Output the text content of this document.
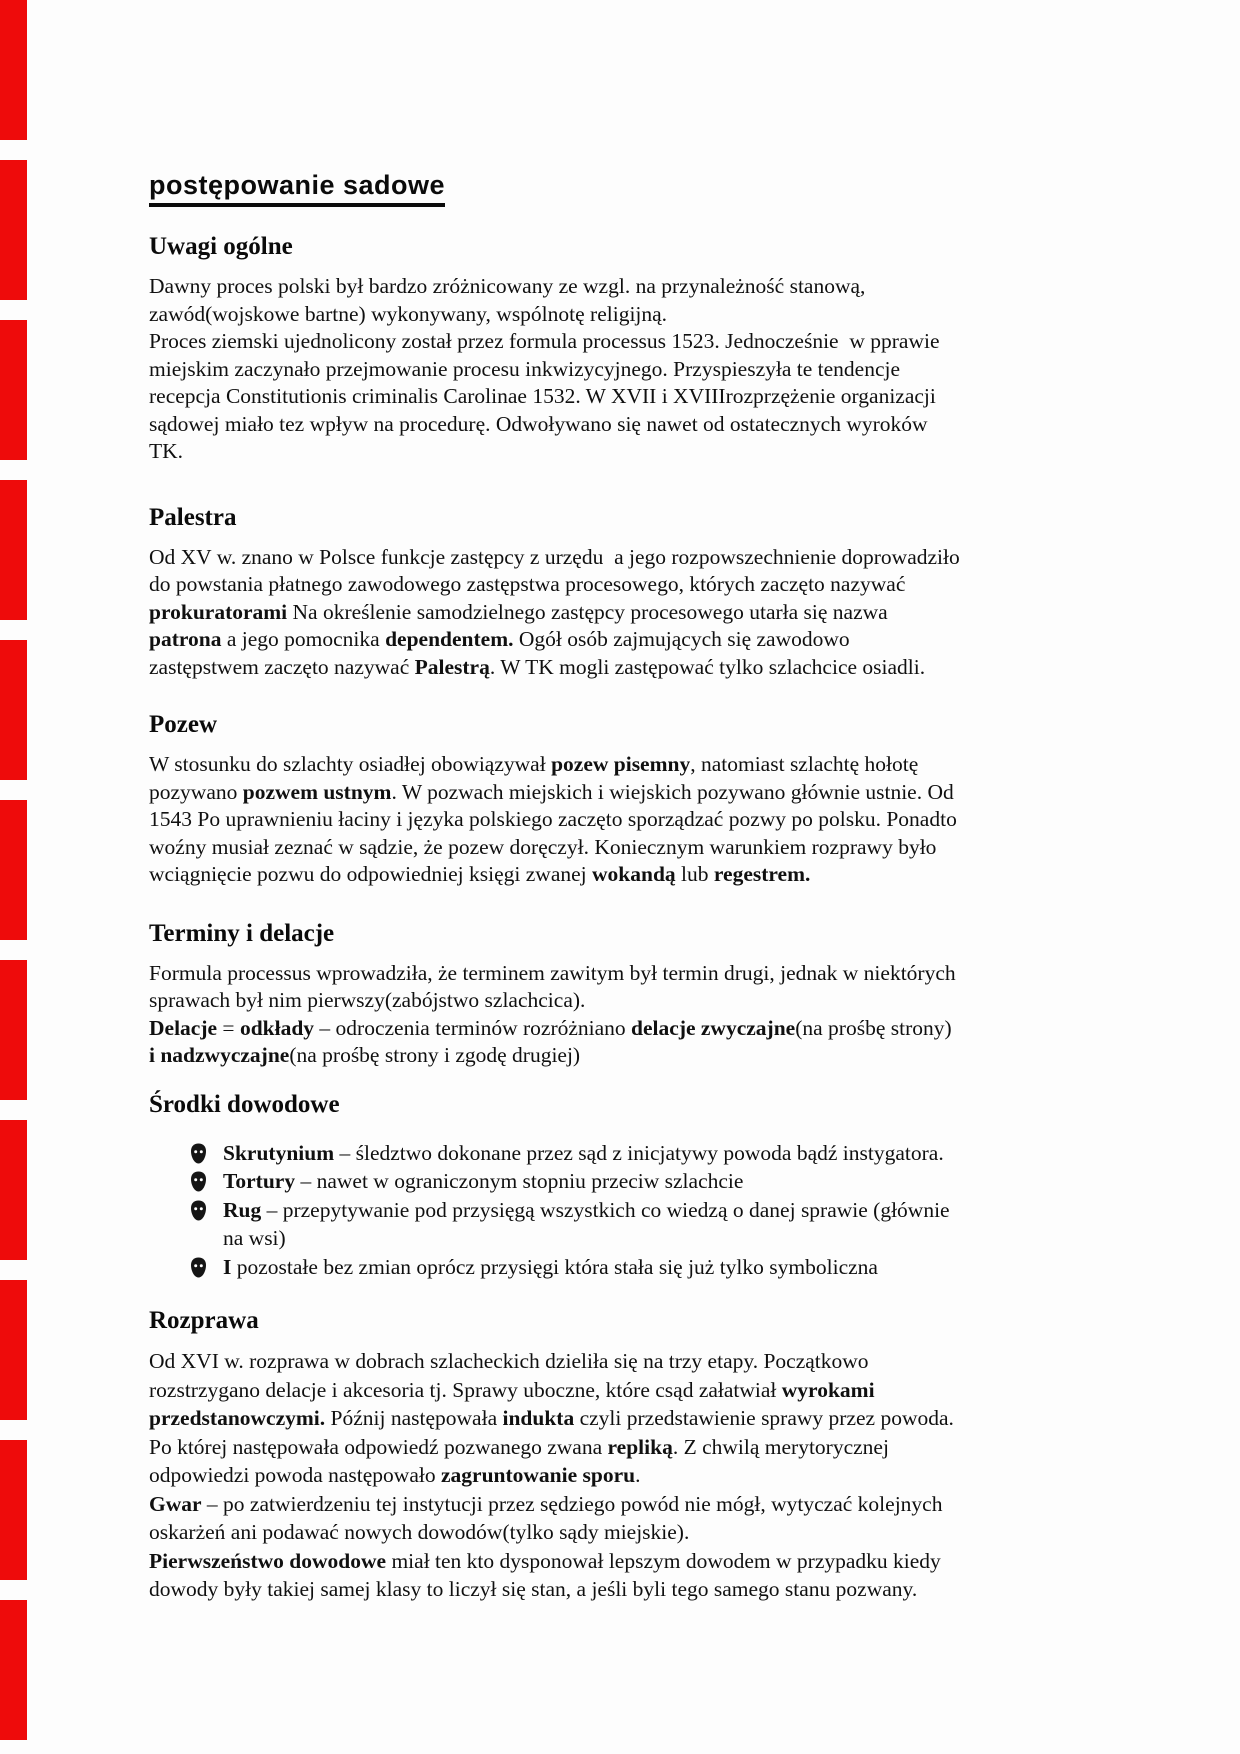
postępowanie sadowe
Uwagi ogólne
Dawny proces polski był bardzo zróżnicowany ze wzgl. na przynależność stanową,
zawód(wojskowe bartne) wykonywany, wspólnotę religijną.
Proces ziemski ujednolicony został przez formula processus 1523. Jednocześnie  w pprawie
miejskim zaczynało przejmowanie procesu inkwizycyjnego. Przyspieszyła te tendencje
recepcja Constitutionis criminalis Carolinae 1532. W XVII i XVIIIrozprzężenie organizacji
sądowej miało tez wpływ na procedurę. Odwoływano się nawet od ostatecznych wyroków
TK.
Palestra
Od XV w. znano w Polsce funkcje zastępcy z urzędu  a jego rozpowszechnienie doprowadziło
do powstania płatnego zawodowego zastępstwa procesowego, których zaczęto nazywać
prokuratorami Na określenie samodzielnego zastępcy procesowego utarła się nazwa
patrona a jego pomocnika dependentem. Ogół osób zajmujących się zawodowo
zastępstwem zaczęto nazywać Palestrą. W TK mogli zastępować tylko szlachcice osiadli.
Pozew
W stosunku do szlachty osiadłej obowiązywał pozew pisemny, natomiast szlachtę hołotę
pozywano pozwem ustnym. W pozwach miejskich i wiejskich pozywano głównie ustnie. Od
1543 Po uprawnieniu łaciny i języka polskiego zaczęto sporządzać pozwy po polsku. Ponadto
woźny musiał zeznać w sądzie, że pozew doręczył. Koniecznym warunkiem rozprawy było
wciągnięcie pozwu do odpowiedniej księgi zwanej wokandą lub regestrem.
Terminy i delacje
Formula processus wprowadziła, że terminem zawitym był termin drugi, jednak w niektórych
sprawach był nim pierwszy(zabójstwo szlachcica).
Delacje = odkłady – odroczenia terminów rozróżniano delacje zwyczajne(na prośbę strony)
i nadzwyczajne(na prośbę strony i zgodę drugiej)
Środki dowodowe
Skrutynium – śledztwo dokonane przez sąd z inicjatywy powoda bądź instygatora.
Tortury – nawet w ograniczonym stopniu przeciw szlachcie
Rug – przepytywanie pod przysięgą wszystkich co wiedzą o danej sprawie (głównie
na wsi)
I pozostałe bez zmian oprócz przysięgi która stała się już tylko symboliczna
Rozprawa
Od XVI w. rozprawa w dobrach szlacheckich dzieliła się na trzy etapy. Początkowo
rozstrzygano delacje i akcesoria tj. Sprawy uboczne, które csąd załatwiał wyrokami
przedstanowczymi. Późnij następowała indukta czyli przedstawienie sprawy przez powoda.
Po której następowała odpowiedź pozwanego zwana repliką. Z chwilą merytorycznej
odpowiedzi powoda następowało zagruntowanie sporu.
Gwar – po zatwierdzeniu tej instytucji przez sędziego powód nie mógł, wytyczać kolejnych
oskarżeń ani podawać nowych dowodów(tylko sądy miejskie).
Pierwszeństwo dowodowe miał ten kto dysponował lepszym dowodem w przypadku kiedy
dowody były takiej samej klasy to liczył się stan, a jeśli byli tego samego stanu pozwany.
